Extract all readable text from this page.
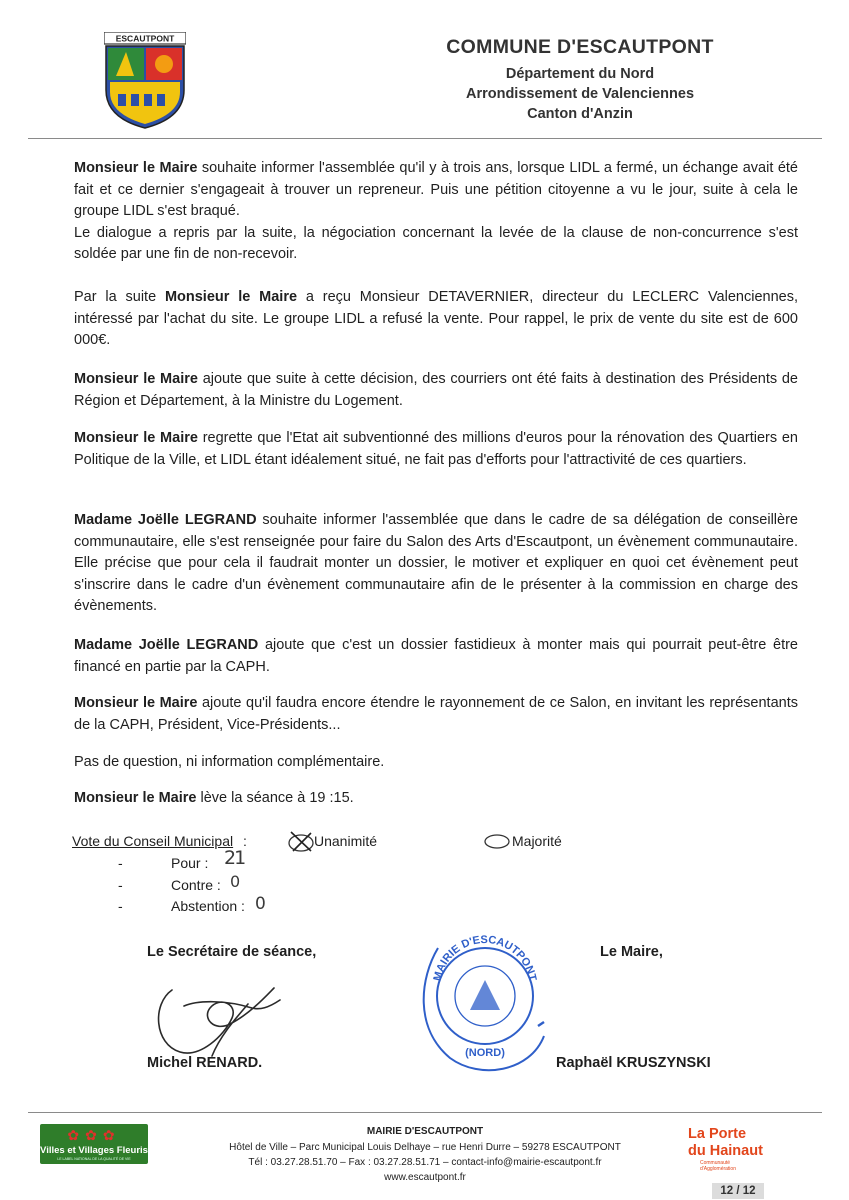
ESCAUTPONT	COMMUNE D'ESCAUTPONT
Département du Nord
Arrondissement de Valenciennes
Canton d'Anzin
Monsieur le Maire souhaite informer l'assemblée qu'il y à trois ans, lorsque LIDL a fermé, un échange avait été fait et ce dernier s'engageait à trouver un repreneur. Puis une pétition citoyenne a vu le jour, suite à cela le groupe LIDL s'est braqué.
Le dialogue a repris par la suite, la négociation concernant la levée de la clause de non-concurrence s'est soldée par une fin de non-recevoir.
Par la suite Monsieur le Maire a reçu Monsieur DETAVERNIER, directeur du LECLERC Valenciennes, intéressé par l'achat du site. Le groupe LIDL a refusé la vente. Pour rappel, le prix de vente du site est de 600 000€.
Monsieur le Maire ajoute que suite à cette décision, des courriers ont été faits à destination des Présidents de Région et Département, à la Ministre du Logement.
Monsieur le Maire regrette que l'Etat ait subventionné des millions d'euros pour la rénovation des Quartiers en Politique de la Ville, et LIDL étant idéalement situé, ne fait pas d'efforts pour l'attractivité de ces quartiers.
Madame Joëlle LEGRAND souhaite informer l'assemblée que dans le cadre de sa délégation de conseillère communautaire, elle s'est renseignée pour faire du Salon des Arts d'Escautpont, un évènement communautaire. Elle précise que pour cela il faudrait monter un dossier, le motiver et expliquer en quoi cet évènement peut s'inscrire dans le cadre d'un évènement communautaire afin de le présenter à la commission en charge des évènements.
Madame Joëlle LEGRAND ajoute que c'est un dossier fastidieux à monter mais qui pourrait peut-être être financé en partie par la CAPH.
Monsieur le Maire ajoute qu'il faudra encore étendre le rayonnement de ce Salon, en invitant les représentants de la CAPH, Président, Vice-Présidents...
Pas de question, ni information complémentaire.
Monsieur le Maire lève la séance à 19 :15.
Vote du Conseil Municipal :	Unanimité	Majorité
-
-
-
Pour : 21
Contre : 0
Abstention : 0
Le Secrétaire de séance,	Le Maire,
MAIRIE D'ESCAUTPONT
(NORD)
Michel RENARD.	Raphaël KRUSZYNSKI
✿✿✿
Villes et Villages Fleuris
LE LABEL NATIONAL DE LA QUALITÉ DE VIE
MAIRIE D'ESCAUTPONT
Hôtel de Ville – Parc Municipal Louis Delhaye – rue Henri Durre – 59278 ESCAUTPONT
Tél : 03.27.28.51.70 – Fax : 03.27.28.51.71 – contact-info@mairie-escautpont.fr
www.escautpont.fr
La Porte
du Hainaut
Communauté d'Agglomération
12 / 12
